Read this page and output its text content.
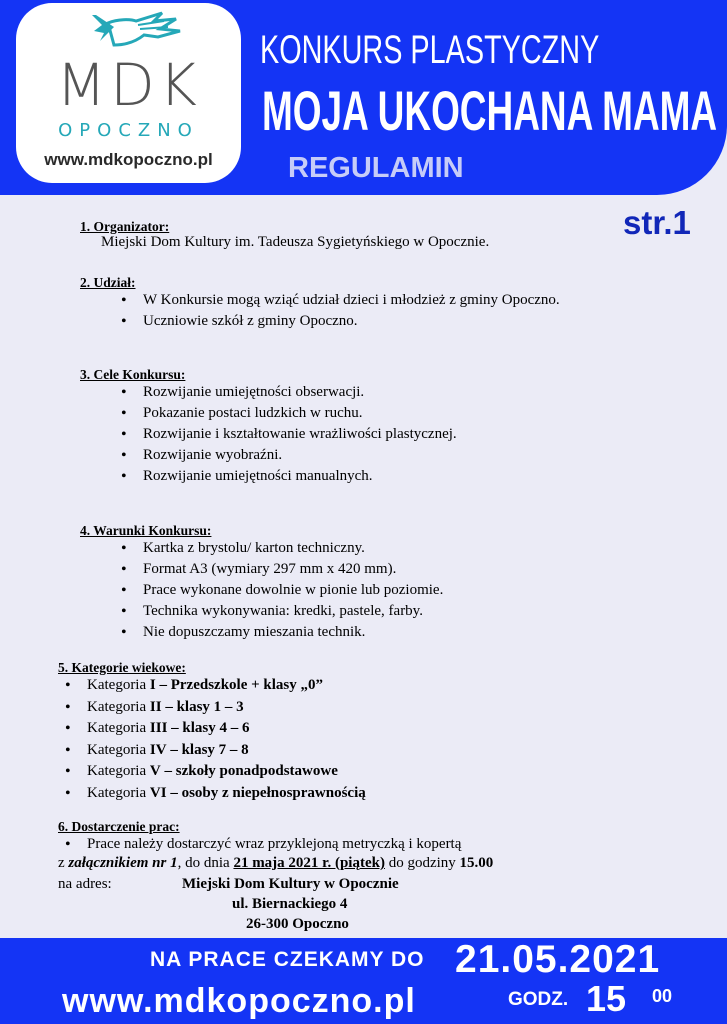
MDK
OPOCZNO
www.mdkopoczno.pl
KONKURS PLASTYCZNY
MOJA UKOCHANA MAMA
REGULAMIN
str.1
1. Organizator:
Miejski Dom Kultury im. Tadeusza Sygietyńskiego w Opocznie.
2. Udział:
• W Konkursie mogą wziąć udział dzieci i młodzież z gminy Opoczno.
• Uczniowie szkół z gminy Opoczno.
3. Cele Konkursu:
• Rozwijanie umiejętności obserwacji.
• Pokazanie postaci ludzkich w ruchu.
• Rozwijanie i kształtowanie wrażliwości plastycznej.
• Rozwijanie wyobraźni.
• Rozwijanie umiejętności manualnych.
4. Warunki Konkursu:
• Kartka z brystolu/ karton techniczny.
• Format A3 (wymiary 297 mm x 420 mm).
• Prace wykonane dowolnie w pionie lub poziomie.
• Technika wykonywania: kredki, pastele, farby.
• Nie dopuszczamy mieszania technik.
5. Kategorie wiekowe:
• Kategoria I – Przedszkole + klasy „0”
• Kategoria II – klasy 1 – 3
• Kategoria III – klasy 4 – 6
• Kategoria IV – klasy 7 – 8
• Kategoria V – szkoły ponadpodstawowe
• Kategoria VI – osoby z niepełnosprawnością
6. Dostarczenie prac:
• Prace należy dostarczyć wraz przyklejoną metryczką i kopertą
z załącznikiem nr 1, do dnia 21 maja 2021 r. (piątek) do godziny 15.00
na adres:	Miejski Dom Kultury w Opocznie
ul. Biernackiego 4
26-300 Opoczno
NA PRACE CZEKAMY DO 21.05.2021
www.mdkopoczno.pl	GODZ. 15 00
